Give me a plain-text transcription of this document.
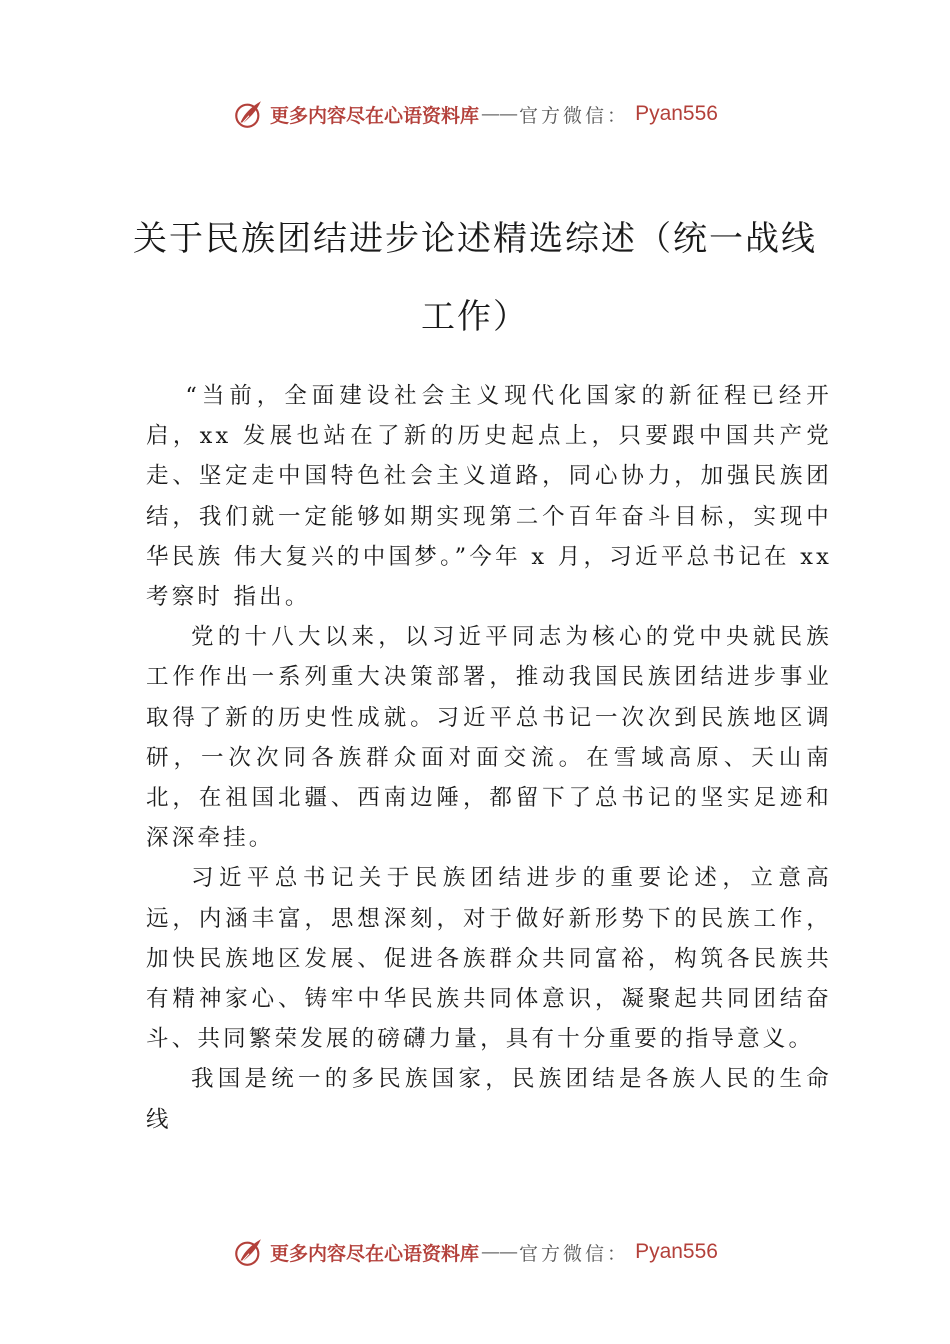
更多内容尽在心语资料库 —— 官方微信： Pyan556
关于民族团结进步论述精选综述（统一战线工作）

“当前，全面建设社会主义现代化国家的新征程已经开启，xx 发展也站在了新的历史起点上，只要跟中国共产党走、坚定走中国特色社会主义道路，同心协力，加强民族团结，我们就一定能够如期实现第二个百年奋斗目标，实现中华民族 伟大复兴的中国梦。”今年 x 月，习近平总书记在 xx 考察时 指出。

党的十八大以来，以习近平同志为核心的党中央就民族工作作出一系列重大决策部署，推动我国民族团结进步事业取得了新的历史性成就。习近平总书记一次次到民族地区调研，一次次同各族群众面对面交流。在雪域高原、天山南北，在祖国北疆、西南边陲，都留下了总书记的坚实足迹和深深牵挂。

习近平总书记关于民族团结进步的重要论述，立意高远，内涵丰富，思想深刻，对于做好新形势下的民族工作，加快民族地区发展、促进各族群众共同富裕，构筑各民族共有精神家心、铸牢中华民族共同体意识，凝聚起共同团结奋斗、共同繁荣发展的磅礴力量，具有十分重要的指导意义。

我国是统一的多民族国家，民族团结是各族人民的生命线

更多内容尽在心语资料库 —— 官方微信： Pyan556
